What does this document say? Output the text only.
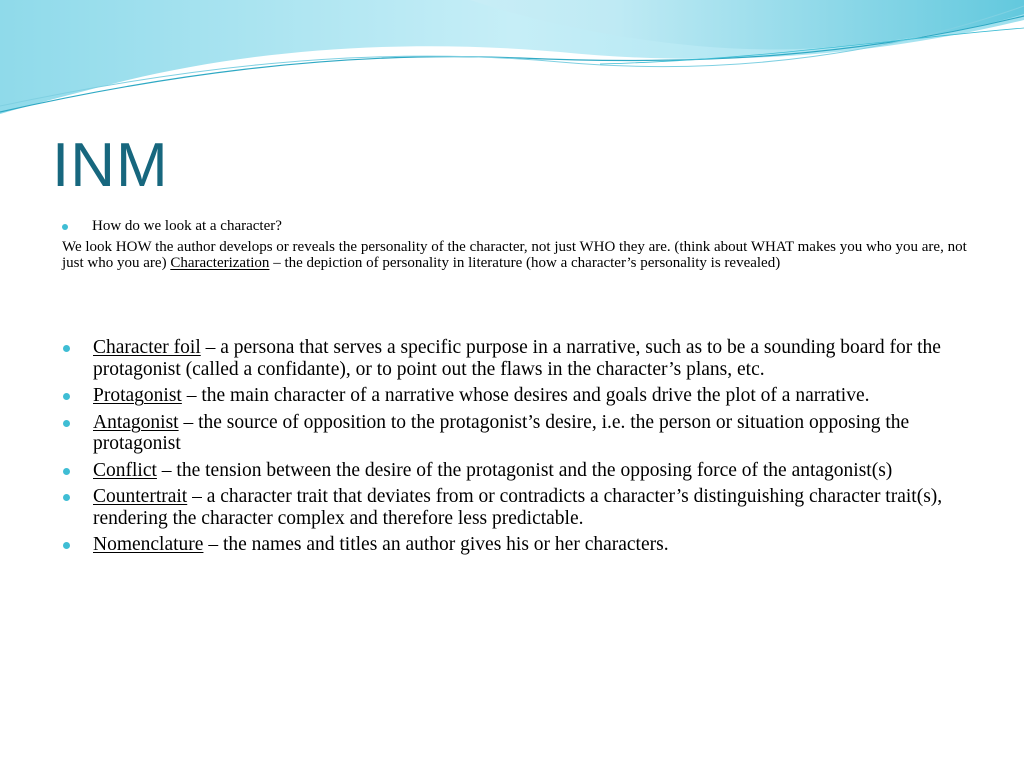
INM
How do we look at a character?

We look HOW the author develops or reveals the personality of the character, not just WHO they are. (think about WHAT makes you who you are, not just who you are) Characterization – the depiction of personality in literature (how a character’s personality is revealed)

Character foil – a persona that serves a specific purpose in a narrative, such as to be a sounding board for the protagonist (called a confidante), or to point out the flaws in the character’s plans, etc.
Protagonist – the main character of a narrative whose desires and goals drive the plot of a narrative.
Antagonist – the source of opposition to the protagonist’s desire, i.e. the person or situation opposing the protagonist
Conflict – the tension between the desire of the protagonist and the opposing force of the antagonist(s)
Countertrait – a character trait that deviates from or contradicts a character’s distinguishing character trait(s), rendering the character complex and therefore less predictable.
Nomenclature – the names and titles an author gives his or her characters.
